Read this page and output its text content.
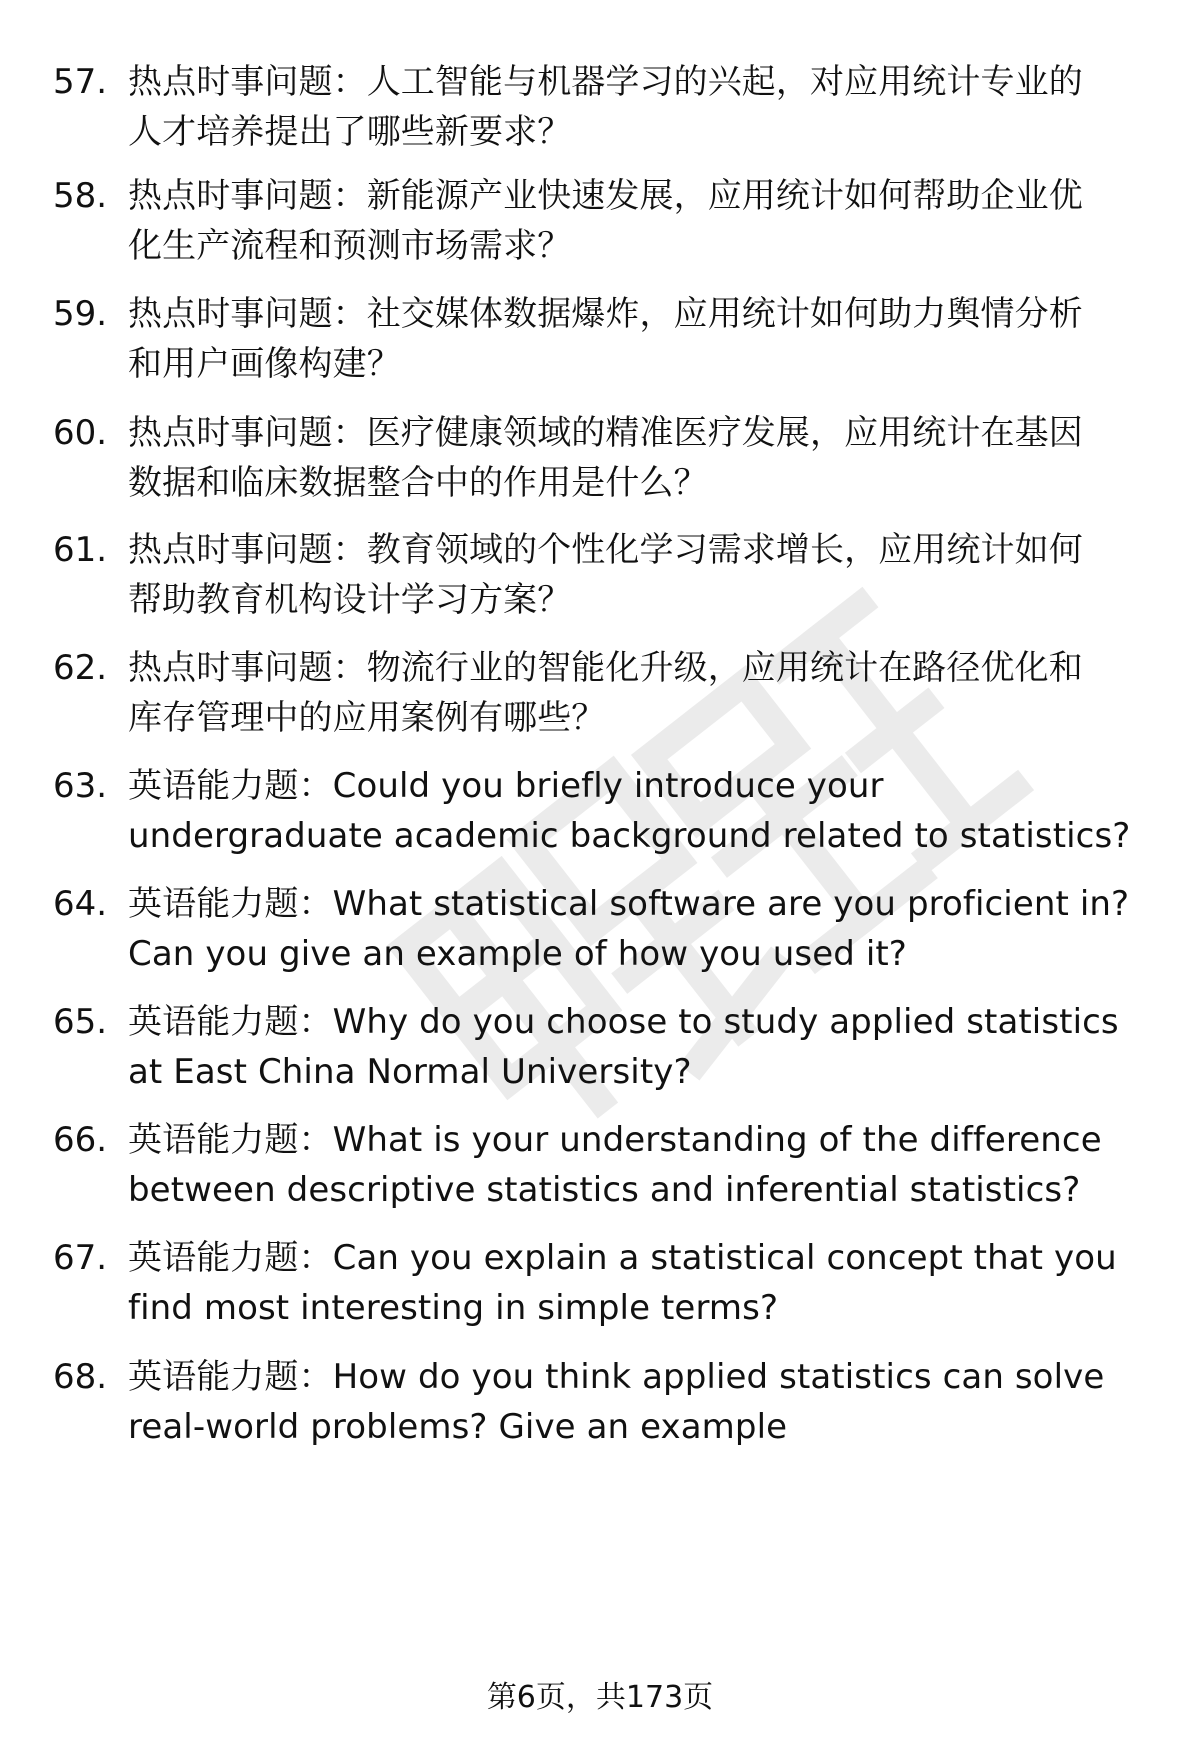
57. 热点时事问题：人工智能与机器学习的兴起，对应用统计专业的
人才培养提出了哪些新要求？
58. 热点时事问题：新能源产业快速发展，应用统计如何帮助企业优
化生产流程和预测市场需求？
59. 热点时事问题：社交媒体数据爆炸，应用统计如何助力舆情分析
和用户画像构建？
60. 热点时事问题：医疗健康领域的精准医疗发展，应用统计在基因
数据和临床数据整合中的作用是什么？
61. 热点时事问题：教育领域的个性化学习需求增长，应用统计如何
帮助教育机构设计学习方案？
62. 热点时事问题：物流行业的智能化升级，应用统计在路径优化和
库存管理中的应用案例有哪些？
63. 英语能力题：Could you briefly introduce your
undergraduate academic background related to statistics?
64. 英语能力题：What statistical software are you proficient in?
Can you give an example of how you used it?
65. 英语能力题：Why do you choose to study applied statistics
at East China Normal University?
66. 英语能力题：What is your understanding of the difference
between descriptive statistics and inferential statistics?
67. 英语能力题：Can you explain a statistical concept that you
find most interesting in simple terms?
68. 英语能力题：How do you think applied statistics can solve
real-world problems? Give an example
第6页，共173页
